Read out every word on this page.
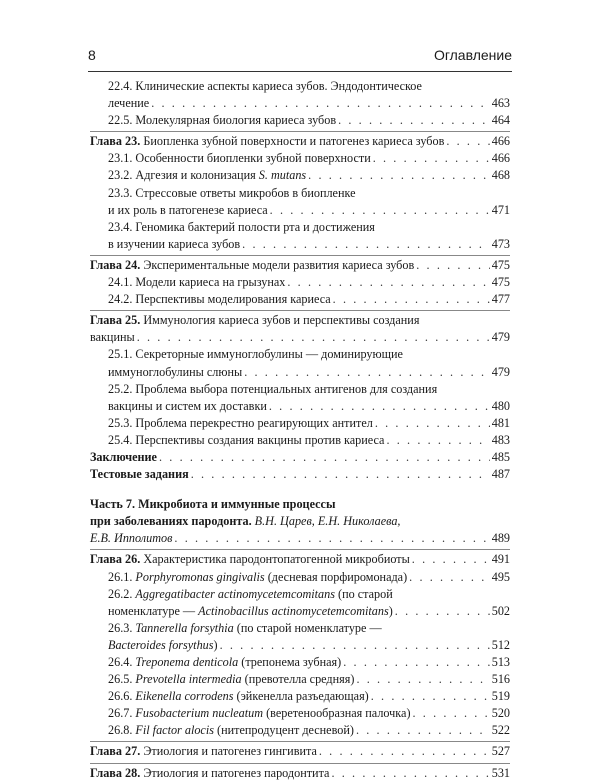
8	Оглавление
22.4. Клинические аспекты кариеса зубов. Эндодонтическое
лечение . . .	463
22.5. Молекулярная биология кариеса зубов . . .	464
Глава 23. Биопленка зубной поверхности и патогенез кариеса зубов . . .	466
23.1. Особенности биопленки зубной поверхности . . .	466
23.2. Адгезия и колонизация S. mutans . . .	468
23.3. Стрессовые ответы микробов в биопленке
и их роль в патогенезе кариеса . . .	471
23.4. Геномика бактерий полости рта и достижения
в изучении кариеса зубов . . .	473
Глава 24. Экспериментальные модели развития кариеса зубов . . .	475
24.1. Модели кариеса на грызунах . . .	475
24.2. Перспективы моделирования кариеса . . .	477
Глава 25. Иммунология кариеса зубов и перспективы создания
вакцины . . .	479
25.1. Секреторные иммуноглобулины — доминирующие
иммуноглобулины слюны . . .	479
25.2. Проблема выбора потенциальных антигенов для создания
вакцины и систем их доставки . . .	480
25.3. Проблема перекрестно реагирующих антител . . .	481
25.4. Перспективы создания вакцины против кариеса . . .	483
Заключение . . .	485
Тестовые задания . . .	487
Часть 7. Микробиота и иммунные процессы
при заболеваниях пародонта. В.Н. Царев, Е.Н. Николаева,
Е.В. Ипполитов . . .	489
Глава 26. Характеристика пародонтопатогенной микробиоты . . .	491
26.1. Porphyromonas gingivalis (десневая порфиромонада) . . .	495
26.2. Aggregatibacter actinomycetemcomitans (по старой
номенклатуре — Actinobacillus actinomycetemcomitans) . . .	502
26.3. Tannerella forsythia (по старой номенклатуре —
Bacteroides forsythus) . . .	512
26.4. Treponema denticola (трепонема зубная) . . .	513
26.5. Prevotella intermedia (превотелла средняя) . . .	516
26.6. Eikenella corrodens (эйкенелла разъедающая) . . .	519
26.7. Fusobacterium nucleatum (веретенообразная палочка) . . .	520
26.8. Fil factor alocis (нитепродуцент десневой) . . .	522
Глава 27. Этиология и патогенез гингивита . . .	527
Глава 28. Этиология и патогенез пародонтита . . .	531
